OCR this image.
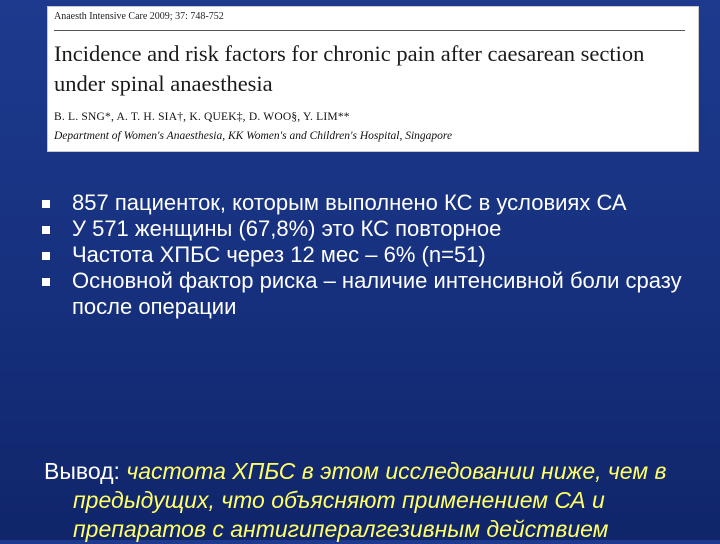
Anaesth Intensive Care 2009; 37: 748-752
Incidence and risk factors for chronic pain after caesarean section under spinal anaesthesia
B. L. SNG*, A. T. H. SIA†, K. QUEK‡, D. WOO§, Y. LIM**
Department of Women's Anaesthesia, KK Women's and Children's Hospital, Singapore
857 пациенток, которым выполнено КС в условиях СА
У 571 женщины (67,8%) это КС повторное
Частота ХПБС через 12 мес – 6% (n=51)
Основной фактор риска – наличие интенсивной боли сразу после операции

Вывод: частота ХПБС в этом исследовании ниже, чем в предыдущих, что объясняют применением СА и препаратов с антигипералгезивным действием
